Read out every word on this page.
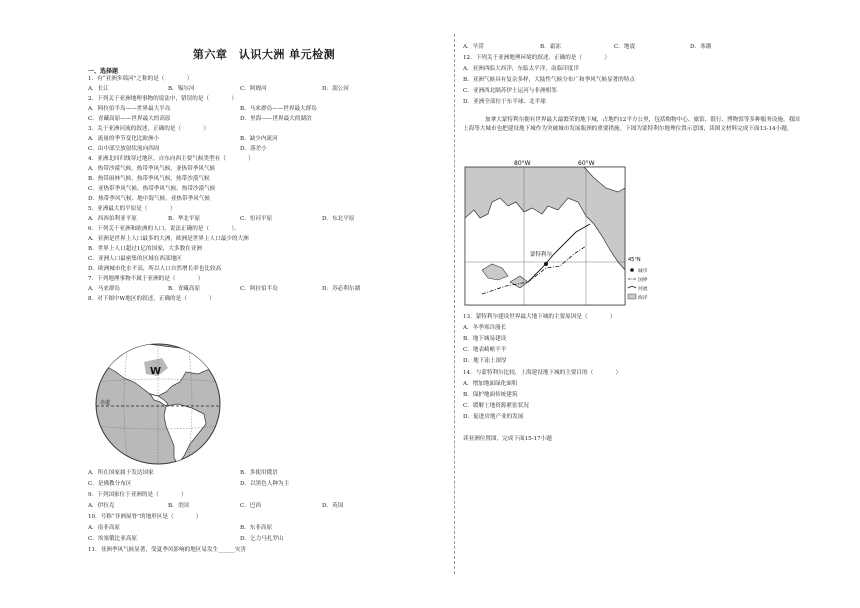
第六章　认识大洲 单元检测
一、选择题
1．有“亚洲多瑙河”之称的是（　　　　）
A．长江	B．锡尔河	C．阿姆河	D．湄公河
2．下列关于亚洲地理事物的说法中，错误的是（　　　　）
A．阿拉伯半岛——世界最大半岛	B．马来群岛——世界最大群岛
C．青藏高原——世界最大的高原	D．里海——世界最大的湖泊
3．关于亚洲河流的叙述，正确的是（　　　　）
A．流量的季节变化比欧洲小	B．缺少内流河
C．由中部呈放射状流向四周	D．落差小
4．亚洲北回归线穿过地区，自东向西主要气候类型有（　　　　）
A．热带沙漠气候、热带季风气候、亚热带季风气候
B．热带雨林气候、热带季风气候、热带沙漠气候
C．亚热带季风气候、热带季风气候、热带沙漠气候
D．热带季风气候、地中海气候、亚热带季风气候
5．亚洲最大的平原是（　　　　）
A．西西伯利亚平原	B．华北平原	C．恒河平原	D．东北平原
6．下列关于亚洲和欧洲的人口，说法正确的是（　　　　）。
A．亚洲是世界上人口最多的大洲，欧洲是世界上人口最少的大洲
B．世界上人口超过1亿的国家，大多数在亚洲
C．亚洲人口最密集的区域在西部地区
D．欧洲城市化水平高，所以人口自然增长率也比较高
7．下列地理事物不属于亚洲的是（　　　　）
A．马来群岛	B．青藏高原	C．阿拉伯半岛	D．苏必利尔湖
8．对下图中W地区的叙述，正确的是（　　　　）
W
赤道
A．所在国家属于发达国家	B．多使用俄语
C．是佛教分布区	D．以黑色人种为主
9．下列国家位于亚洲的是（　　　　）
A．伊拉克	B．美国	C．巴西	D．英国
10．号称“非洲屋脊”的地形区是（　　　　）
A．南非高原	B．东非高原
C．埃塞俄比亚高原	D．乞力马扎罗山
11．亚洲季风气候显著，受夏季风影响的地区易发生______灾害
A．旱涝	B．霜冻	C．地震	D．寒潮
12．下列关于亚洲地理环境的叙述，正确的是（　　　　）
A．亚洲西临大西洋，东临太平洋，南临印度洋
B．亚洲气候具有复杂多样，大陆性气候分布广和季风气候显著的特点
C．亚洲西北隔苏伊士运河与非洲相邻
D．亚洲全部位于东半球、北半球
加拿大蒙特利尔拥有世界最大最繁荣的地下城，占地约12平方公里，包括购物中心、旅馆、银行、博物馆等多种服务设施。我国上海等大城市也把建设地下城作为突破城市发展瓶颈的重要措施。下图为蒙特利尔地理位置示意图，读图文材料完成下面13-14小题。
80°W	60°W
蒙特利尔
45°N
城市
国界
河流
海洋
13．蒙特利尔建设世界最大地下城的主要原因是（　　　　）
A．冬季寒冷漫长
B．地下城易建设
C．地表崎岖不平
D．地下冻土深厚
14．与蒙特利尔比较，上海建设地下城的主要目的（　　　　）
A．增加地面绿化面积
B．保护地面传统建筑
C．缓解土地资源紧张状况
D．促进房地产业的发展
读亚洲位置图，完成下面15-17小题
